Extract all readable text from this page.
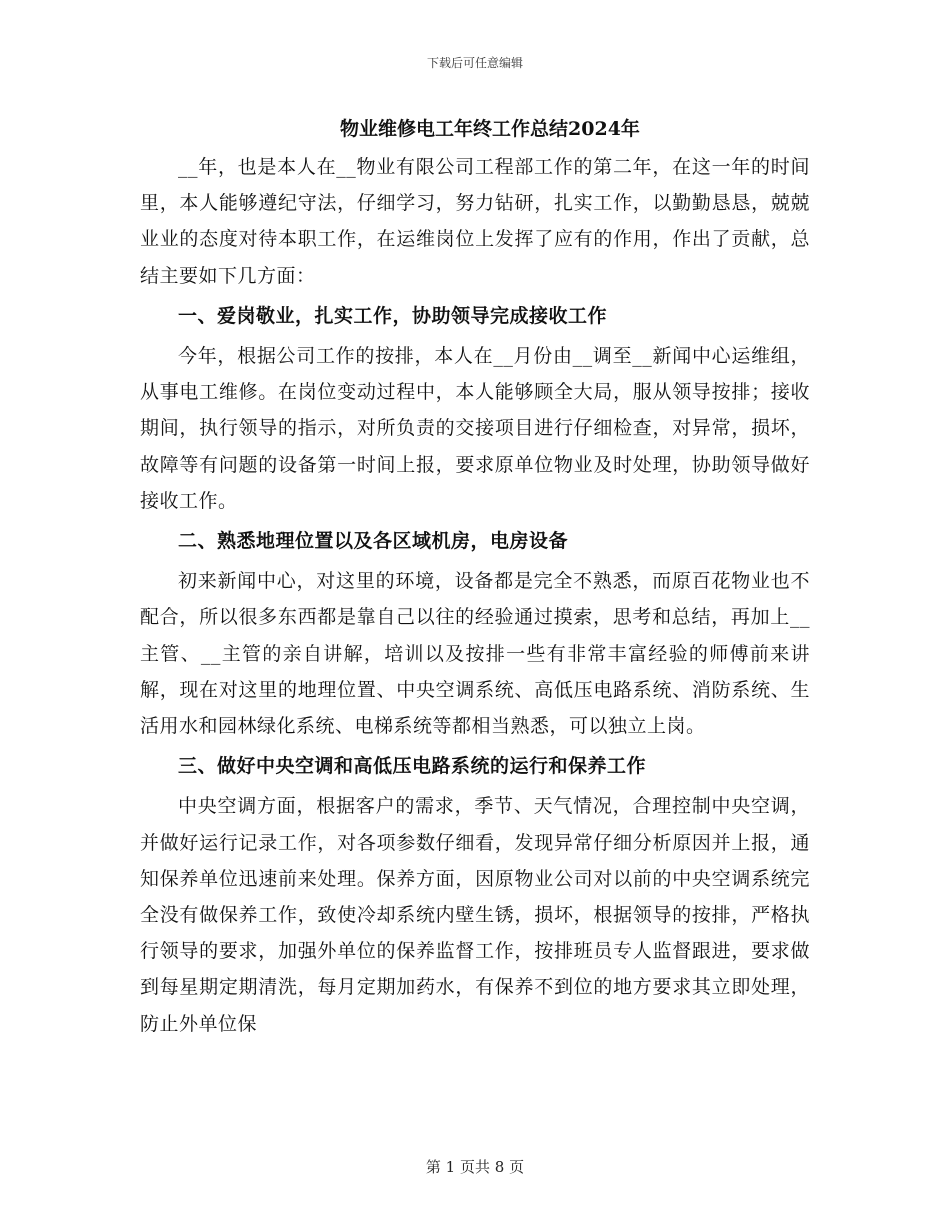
下载后可任意编辑
物业维修电工年终工作总结2024年

__年，也是本人在__物业有限公司工程部工作的第二年，在这一年的时间里，本人能够遵纪守法，仔细学习，努力钻研，扎实工作，以勤勤恳恳，兢兢业业的态度对待本职工作，在运维岗位上发挥了应有的作用，作出了贡献，总结主要如下几方面：

一、爱岗敬业，扎实工作，协助领导完成接收工作

今年，根据公司工作的按排，本人在__月份由__调至__新闻中心运维组，从事电工维修。在岗位变动过程中，本人能够顾全大局，服从领导按排；接收期间，执行领导的指示，对所负责的交接项目进行仔细检查，对异常，损坏，故障等有问题的设备第一时间上报，要求原单位物业及时处理，协助领导做好接收工作。

二、熟悉地理位置以及各区域机房，电房设备

初来新闻中心，对这里的环境，设备都是完全不熟悉，而原百花物业也不配合，所以很多东西都是靠自己以往的经验通过摸索，思考和总结，再加上__主管、__主管的亲自讲解，培训以及按排一些有非常丰富经验的师傅前来讲解，现在对这里的地理位置、中央空调系统、高低压电路系统、消防系统、生活用水和园林绿化系统、电梯系统等都相当熟悉，可以独立上岗。

三、做好中央空调和高低压电路系统的运行和保养工作

中央空调方面，根据客户的需求，季节、天气情况，合理控制中央空调，并做好运行记录工作，对各项参数仔细看，发现异常仔细分析原因并上报，通知保养单位迅速前来处理。保养方面，因原物业公司对以前的中央空调系统完全没有做保养工作，致使冷却系统内壁生锈，损坏，根据领导的按排，严格执行领导的要求，加强外单位的保养监督工作，按排班员专人监督跟进，要求做到每星期定期清洗，每月定期加药水，有保养不到位的地方要求其立即处理，防止外单位保

第 1 页共 8 页
